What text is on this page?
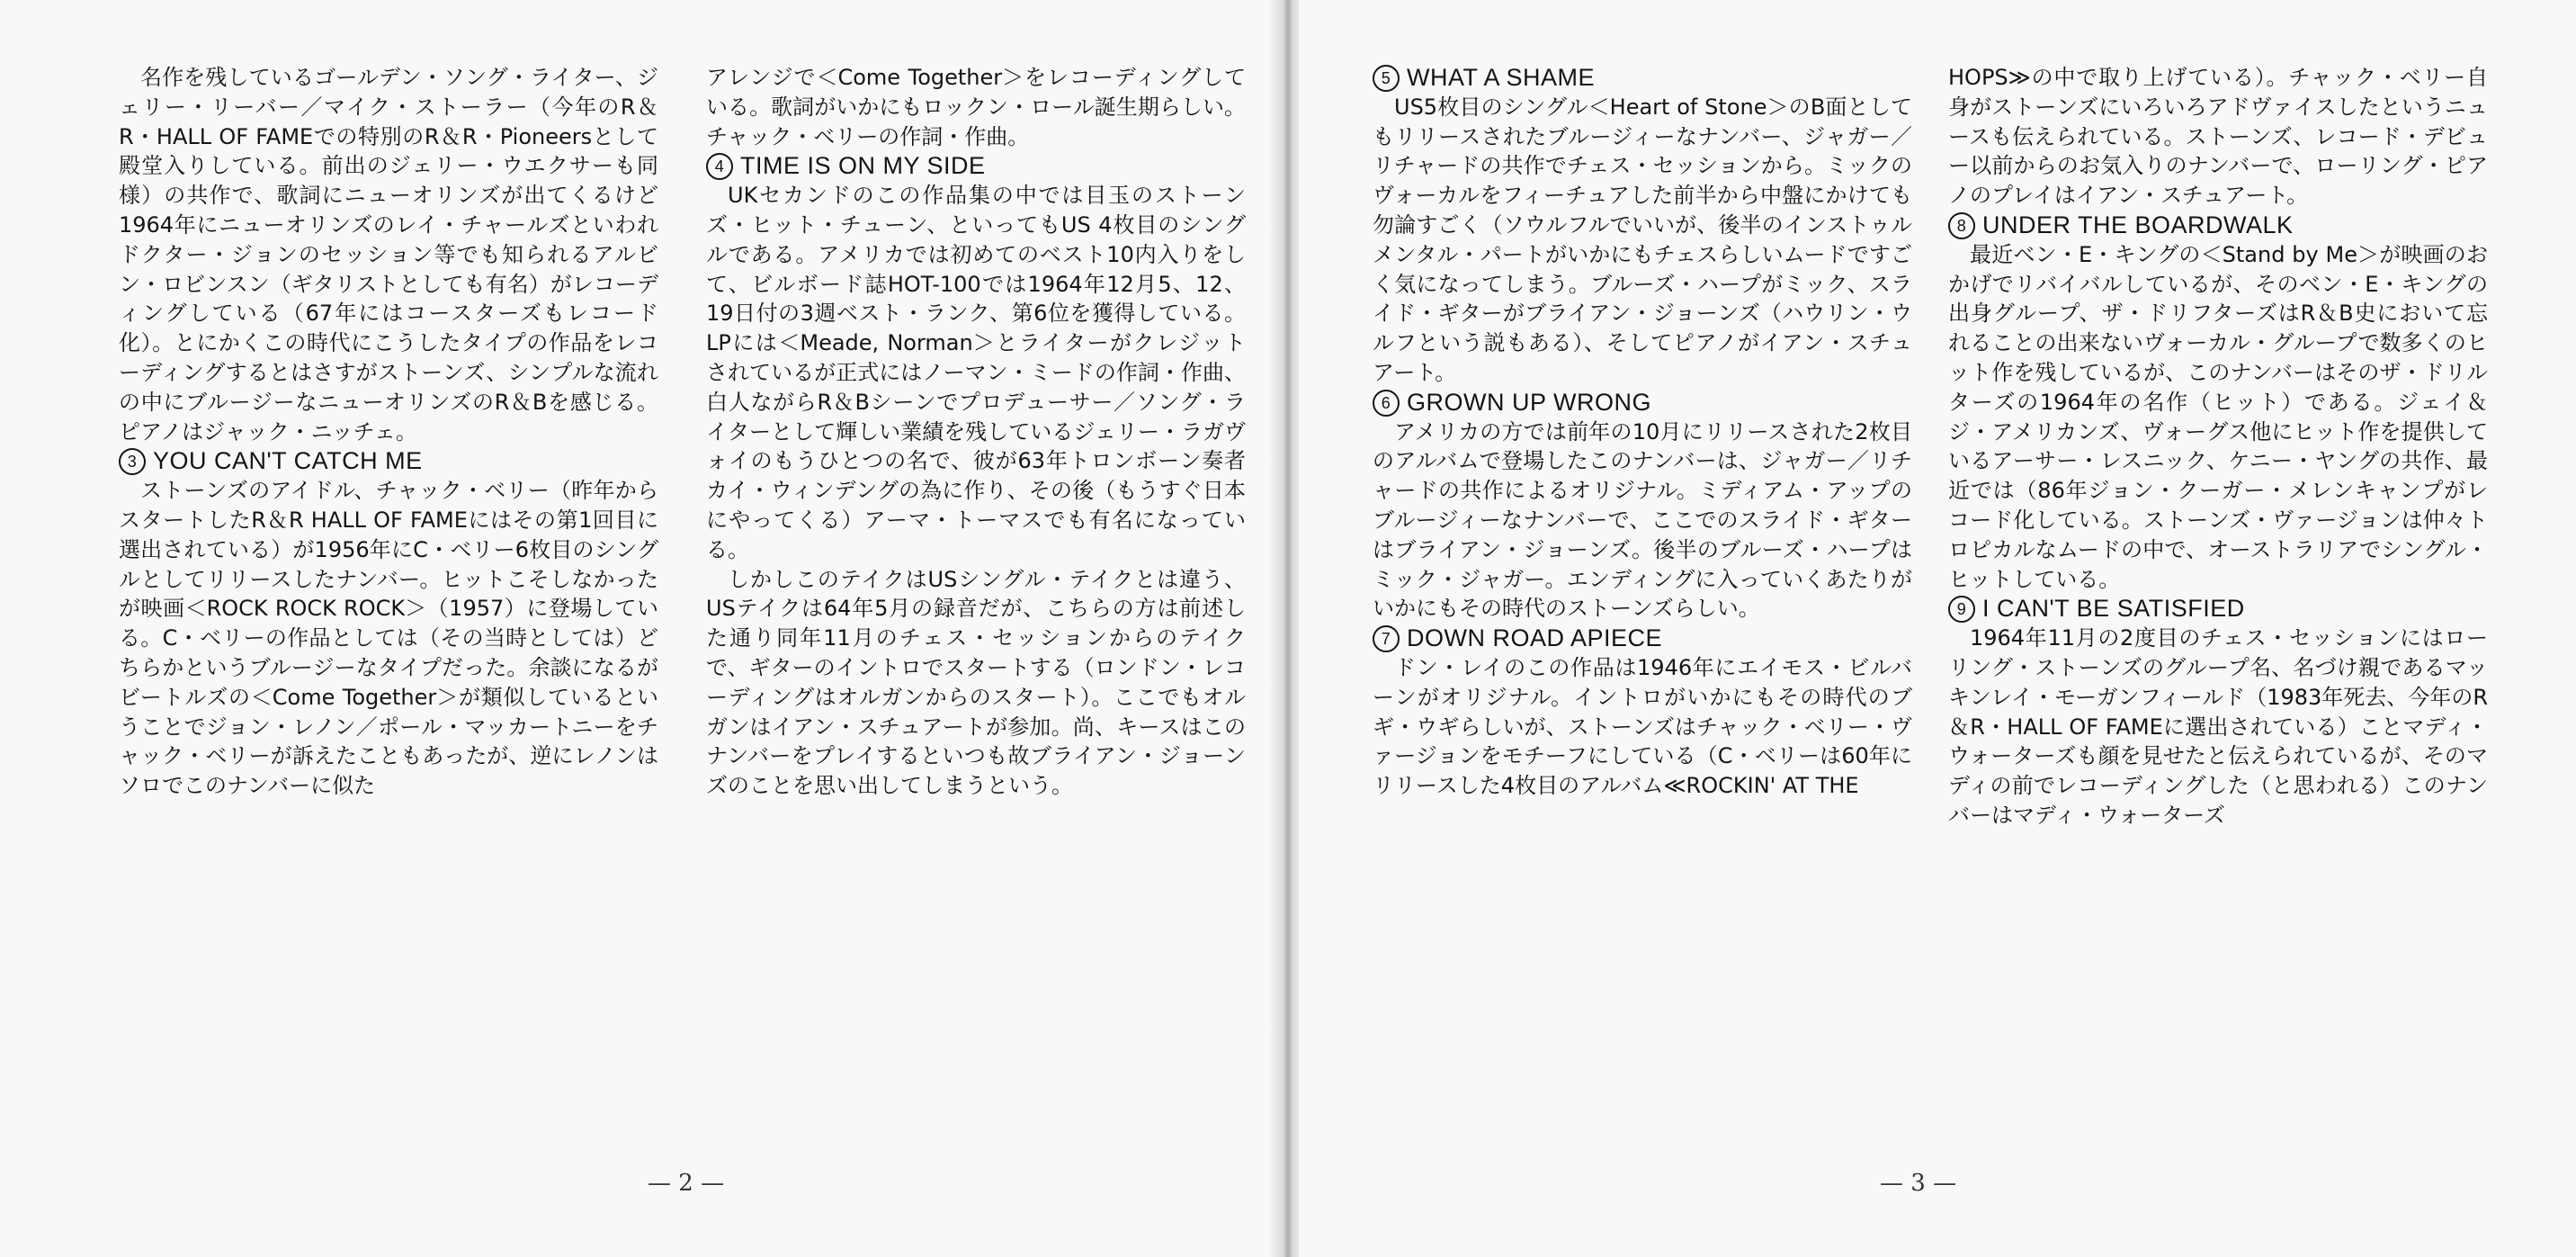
名作を残しているゴールデン・ソング・ライター、ジェリー・リーバー／マイク・ストーラー（今年のR＆R・HALL OF FAMEでの特別のR＆R・Pioneersとして殿堂入りしている。前出のジェリー・ウエクサーも同様）の共作で、歌詞にニューオリンズが出てくるけど1964年にニューオリンズのレイ・チャールズといわれドクター・ジョンのセッション等でも知られるアルビン・ロビンスン（ギタリストとしても有名）がレコーディングしている（67年にはコースターズもレコード化）。とにかくこの時代にこうしたタイプの作品をレコーディングするとはさすがストーンズ、シンプルな流れの中にブルージーなニューオリンズのR＆Bを感じる。ピアノはジャック・ニッチェ。

3 YOU CAN'T CATCH ME

ストーンズのアイドル、チャック・ベリー（昨年からスタートしたR＆R HALL OF FAMEにはその第1回目に選出されている）が1956年にC・ベリー6枚目のシングルとしてリリースしたナンバー。ヒットこそしなかったが映画＜ROCK ROCK ROCK＞（1957）に登場している。C・ベリーの作品としては（その当時としては）どちらかというブルージーなタイプだった。余談になるがビートルズの＜Come Together＞が類似しているということでジョン・レノン／ポール・マッカートニーをチャック・ベリーが訴えたこともあったが、逆にレノンはソロでこのナンバーに似た

アレンジで＜Come Together＞をレコーディングしている。歌詞がいかにもロックン・ロール誕生期らしい。チャック・ベリーの作詞・作曲。

4 TIME IS ON MY SIDE

UKセカンドのこの作品集の中では目玉のストーンズ・ヒット・チューン、といってもUS 4枚目のシングルである。アメリカでは初めてのベスト10内入りをして、ビルボード誌HOT-100では1964年12月5、12、19日付の3週ベスト・ランク、第6位を獲得している。LPには＜Meade, Norman＞とライターがクレジットされているが正式にはノーマン・ミードの作詞・作曲、白人ながらR＆Bシーンでプロデューサー／ソング・ライターとして輝しい業績を残しているジェリー・ラガヴォイのもうひとつの名で、彼が63年トロンボーン奏者カイ・ウィンデングの為に作り、その後（もうすぐ日本にやってくる）アーマ・トーマスでも有名になっている。

しかしこのテイクはUSシングル・テイクとは違う、USテイクは64年5月の録音だが、こちらの方は前述した通り同年11月のチェス・セッションからのテイクで、ギターのイントロでスタートする（ロンドン・レコーディングはオルガンからのスタート）。ここでもオルガンはイアン・スチュアートが参加。尚、キースはこのナンバーをプレイするといつも故ブライアン・ジョーンズのことを思い出してしまうという。

— 2 —
5 WHAT A SHAME

US5枚目のシングル＜Heart of Stone＞のB面としてもリリースされたブルージィーなナンバー、ジャガー／リチャードの共作でチェス・セッションから。ミックのヴォーカルをフィーチュアした前半から中盤にかけても勿論すごく（ソウルフルでいいが、後半のインストゥルメンタル・パートがいかにもチェスらしいムードですごく気になってしまう。ブルーズ・ハープがミック、スライド・ギターがブライアン・ジョーンズ（ハウリン・ウルフという説もある）、そしてピアノがイアン・スチュアート。

6 GROWN UP WRONG

アメリカの方では前年の10月にリリースされた2枚目のアルバムで登場したこのナンバーは、ジャガー／リチャードの共作によるオリジナル。ミディアム・アップのブルージィーなナンバーで、ここでのスライド・ギターはブライアン・ジョーンズ。後半のブルーズ・ハープはミック・ジャガー。エンディングに入っていくあたりがいかにもその時代のストーンズらしい。

7 DOWN ROAD APIECE

ドン・レイのこの作品は1946年にエイモス・ビルバーンがオリジナル。イントロがいかにもその時代のブギ・ウギらしいが、ストーンズはチャック・ベリー・ヴァージョンをモチーフにしている（C・ベリーは60年にリリースした4枚目のアルバム≪ROCKIN' AT THE

HOPS≫の中で取り上げている）。チャック・ベリー自身がストーンズにいろいろアドヴァイスしたというニュースも伝えられている。ストーンズ、レコード・デビュー以前からのお気入りのナンバーで、ローリング・ピアノのプレイはイアン・スチュアート。

8 UNDER THE BOARDWALK

最近ベン・E・キングの＜Stand by Me＞が映画のおかげでリバイバルしているが、そのベン・E・キングの出身グループ、ザ・ドリフターズはR＆B史において忘れることの出来ないヴォーカル・グループで数多くのヒット作を残しているが、このナンバーはそのザ・ドリルターズの1964年の名作（ヒット）である。ジェイ＆ジ・アメリカンズ、ヴォーグス他にヒット作を提供しているアーサー・レスニック、ケニー・ヤングの共作、最近では（86年ジョン・クーガー・メレンキャンプがレコード化している。ストーンズ・ヴァージョンは仲々トロピカルなムードの中で、オーストラリアでシングル・ヒットしている。

9 I CAN'T BE SATISFIED

1964年11月の2度目のチェス・セッションにはローリング・ストーンズのグループ名、名づけ親であるマッキンレイ・モーガンフィールド（1983年死去、今年のR＆R・HALL OF FAMEに選出されている）ことマディ・ウォーターズも顔を見せたと伝えられているが、そのマディの前でレコーディングした（と思われる）このナンバーはマディ・ウォーターズ

— 3 —
